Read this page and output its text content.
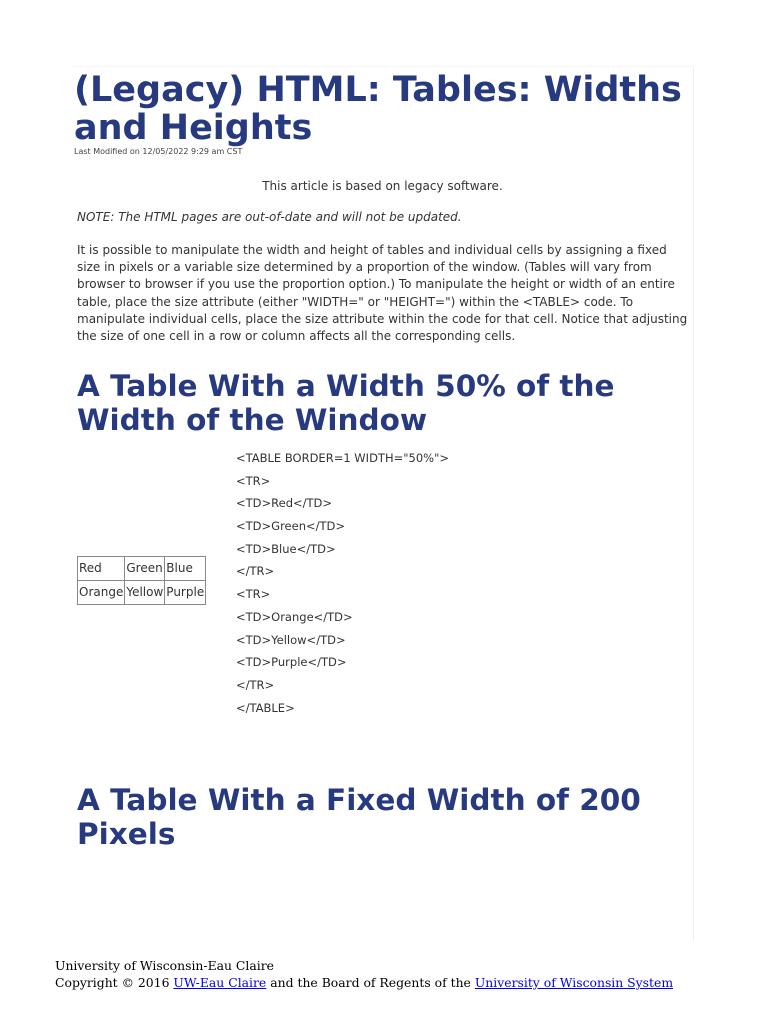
(Legacy) HTML: Tables: Widths and Heights
Last Modified on 12/05/2022 9:29 am CST
This article is based on legacy software.
NOTE: The HTML pages are out-of-date and will not be updated.

It is possible to manipulate the width and height of tables and individual cells by assigning a fixed size in pixels or a variable size determined by a proportion of the window. (Tables will vary from browser to browser if you use the proportion option.) To manipulate the height or width of an entire table, place the size attribute (either "WIDTH=" or "HEIGHT=") within the <TABLE> code. To manipulate individual cells, place the size attribute within the code for that cell. Notice that adjusting the size of one cell in a row or column affects all the corresponding cells.

A Table With a Width 50% of the Width of the Window
Red	Green	Blue
Orange	Yellow	Purple
<TABLE BORDER=1 WIDTH="50%">
<TR>
<TD>Red</TD>
<TD>Green</TD>
<TD>Blue</TD>
</TR>
<TR>
<TD>Orange</TD>
<TD>Yellow</TD>
<TD>Purple</TD>
</TR>
</TABLE>
A Table With a Fixed Width of 200 Pixels
University of Wisconsin-Eau Claire
Copyright © 2016 UW-Eau Claire and the Board of Regents of the University of Wisconsin System
